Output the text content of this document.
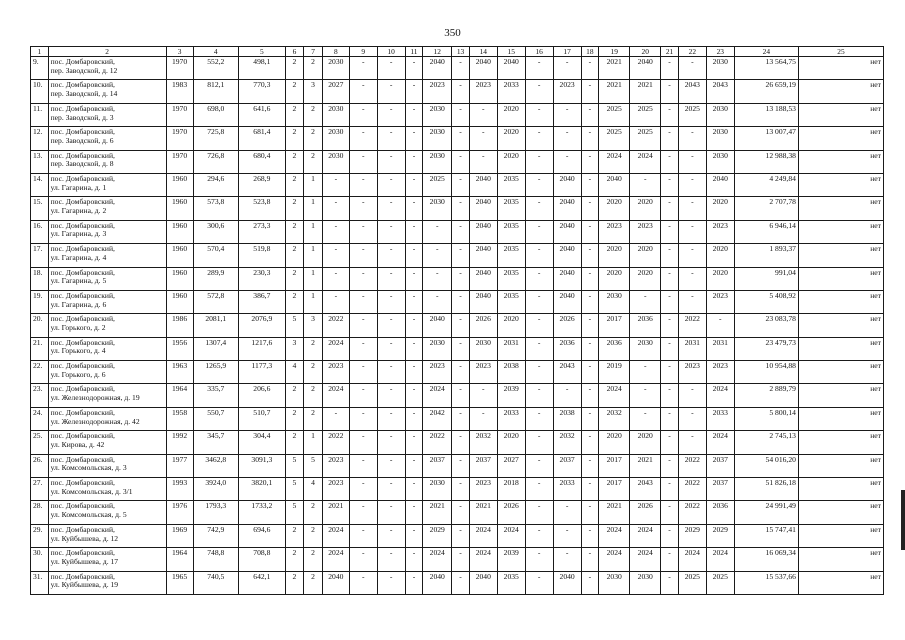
350
1	2	3	4	5	6	7	8	9	10	11	12	13	14	15	16	17	18	19	20	21	22	23	24	25
9.	пос. Домбаровский,
пер. Заводской, д. 12	1970	552,2	498,1	2	2	2030	-	-	-	2040	-	2040	2040	-	-	-	2021	2040	-	-	2030	13 564,75	нет
10.	пос. Домбаровский,
пер. Заводской, д. 14	1983	812,1	770,3	2	3	2027	-	-	-	2023	-	2023	2033	-	2023	-	2021	2021	-	2043	2043	26 659,19	нет
11.	пос. Домбаровский,
пер. Заводской, д. 3	1970	698,0	641,6	2	2	2030	-	-	-	2030	-	-	2020	-	-	-	2025	2025	-	2025	2030	13 188,53	нет
12.	пос. Домбаровский,
пер. Заводской, д. 6	1970	725,8	681,4	2	2	2030	-	-	-	2030	-	-	2020	-	-	-	2025	2025	-	-	2030	13 007,47	нет
13.	пос. Домбаровский,
пер. Заводской, д. 8	1970	726,8	680,4	2	2	2030	-	-	-	2030	-	-	2020	-	-	-	2024	2024	-	-	2030	12 988,38	нет
14.	пос. Домбаровский,
ул. Гагарина, д. 1	1960	294,6	268,9	2	1	-	-	-	-	2025	-	2040	2035	-	2040	-	2040	-	-	-	2040	4 249,84	нет
15.	пос. Домбаровский,
ул. Гагарина, д. 2	1960	573,8	523,8	2	1	-	-	-	-	2030	-	2040	2035	-	2040	-	2020	2020	-	-	2020	2 707,78	нет
16.	пос. Домбаровский,
ул. Гагарина, д. 3	1960	300,6	273,3	2	1	-	-	-	-	-	-	2040	2035	-	2040	-	2023	2023	-	-	2023	6 946,14	нет
17.	пос. Домбаровский,
ул. Гагарина, д. 4	1960	570,4	519,8	2	1	-	-	-	-	-	-	2040	2035	-	2040	-	2020	2020	-	-	2020	1 893,37	нет
18.	пос. Домбаровский,
ул. Гагарина, д. 5	1960	289,9	230,3	2	1	-	-	-	-	-	-	2040	2035	-	2040	-	2020	2020	-	-	2020	991,04	нет
19.	пос. Домбаровский,
ул. Гагарина, д. 6	1960	572,8	386,7	2	1	-	-	-	-	-	-	2040	2035	-	2040	-	2030	-	-	-	2023	5 408,92	нет
20.	пос. Домбаровский,
ул. Горького, д. 2	1986	2081,1	2076,9	5	3	2022	-	-	-	2040	-	2026	2020	-	2026	-	2017	2036	-	2022	-	23 083,78	нет
21.	пос. Домбаровский,
ул. Горького, д. 4	1956	1307,4	1217,6	3	2	2024	-	-	-	2030	-	2030	2031	-	2036	-	2036	2030	-	2031	2031	23 479,73	нет
22.	пос. Домбаровский,
ул. Горького, д. 6	1963	1265,9	1177,3	4	2	2023	-	-	-	2023	-	2023	2038	-	2043	-	2019	-	-	2023	2023	10 954,88	нет
23.	пос. Домбаровский,
ул. Железнодорожная, д. 19	1964	335,7	206,6	2	2	2024	-	-	-	2024	-	-	2039	-	-	-	2024	-	-	-	2024	2 889,79	нет
24.	пос. Домбаровский,
ул. Железнодорожная, д. 42	1958	550,7	510,7	2	2	-	-	-	-	2042	-	-	2033	-	2038	-	2032	-	-	-	2033	5 800,14	нет
25.	пос. Домбаровский,
ул. Кирова, д. 42	1992	345,7	304,4	2	1	2022	-	-	-	2022	-	2032	2020	-	2032	-	2020	2020	-	-	2024	2 745,13	нет
26.	пос. Домбаровский,
ул. Комсомольская, д. 3	1977	3462,8	3091,3	5	5	2023	-	-	-	2037	-	2037	2027	-	2037	-	2017	2021	-	2022	2037	54 016,20	нет
27.	пос. Домбаровский,
ул. Комсомольская, д. 3/1	1993	3924,0	3820,1	5	4	2023	-	-	-	2030	-	2023	2018	-	2033	-	2017	2043	-	2022	2037	51 826,18	нет
28.	пос. Домбаровский,
ул. Комсомольская, д. 5	1976	1793,3	1733,2	5	2	2021	-	-	-	2021	-	2021	2026	-	-	-	2021	2026	-	2022	2036	24 991,49	нет
29.	пос. Домбаровский,
ул. Куйбышева, д. 12	1969	742,9	694,6	2	2	2024	-	-	-	2029	-	2024	2024	-	-	-	2024	2024	-	2029	2029	15 747,41	нет
30.	пос. Домбаровский,
ул. Куйбышева, д. 17	1964	748,8	708,8	2	2	2024	-	-	-	2024	-	2024	2039	-	-	-	2024	2024	-	2024	2024	16 069,34	нет
31.	пос. Домбаровский,
ул. Куйбышева, д. 19	1965	740,5	642,1	2	2	2040	-	-	-	2040	-	2040	2035	-	2040	-	2030	2030	-	2025	2025	15 537,66	нет
